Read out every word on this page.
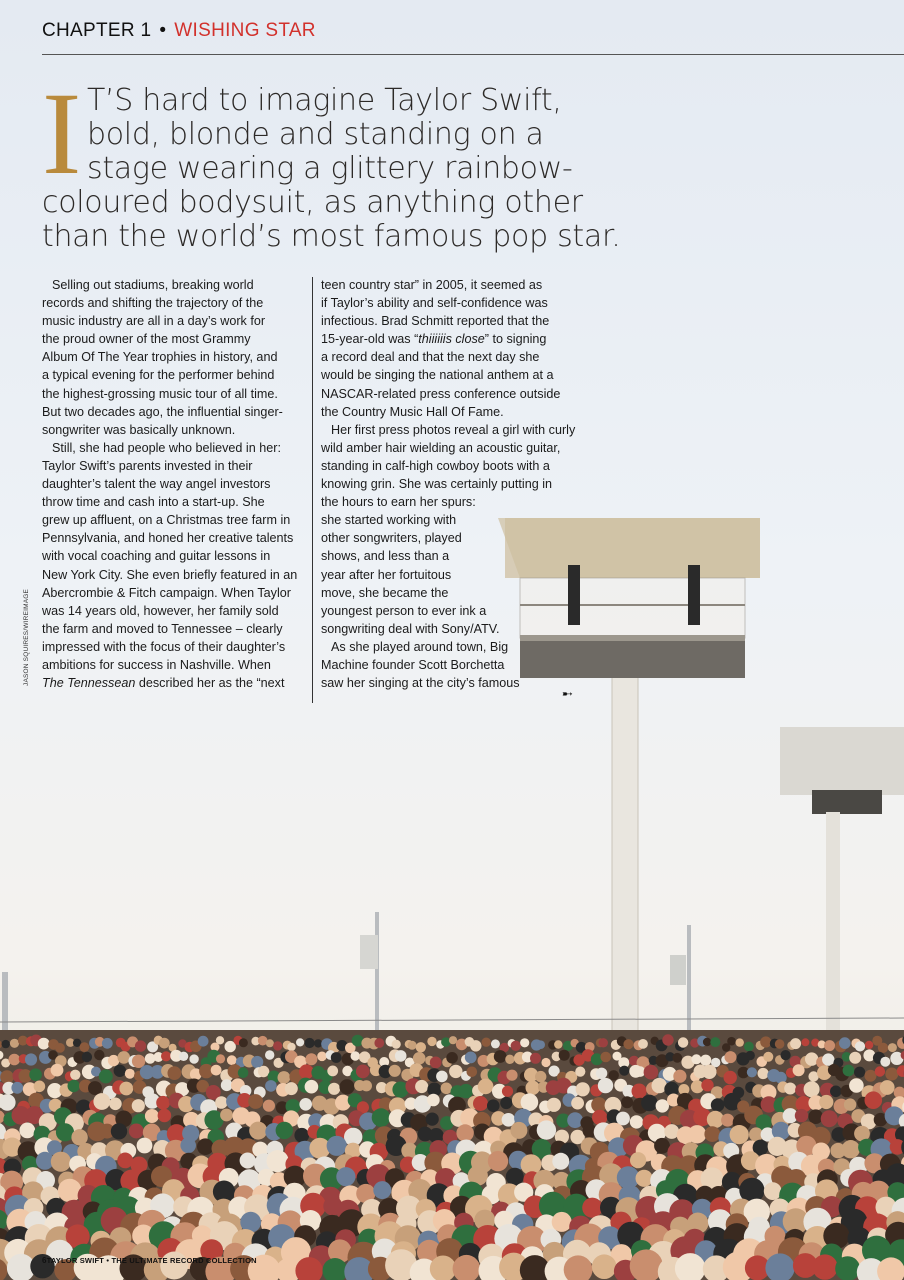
CHAPTER 1 • WISHING STAR
I T’S hard to imagine Taylor Swift,
bold, blonde and standing on a
stage wearing a glittery rainbow-
coloured bodysuit, as anything other
than the world’s most famous pop star.
Selling out stadiums, breaking world
records and shifting the trajectory of the
music industry are all in a day’s work for
the proud owner of the most Grammy
Album Of The Year trophies in history, and
a typical evening for the performer behind
the highest-grossing music tour of all time.
But two decades ago, the influential singer-
songwriter was basically unknown.
Still, she had people who believed in her:
Taylor Swift’s parents invested in their
daughter’s talent the way angel investors
throw time and cash into a start-up. She
grew up affluent, on a Christmas tree farm in
Pennsylvania, and honed her creative talents
with vocal coaching and guitar lessons in
New York City. She even briefly featured in an
Abercrombie & Fitch campaign. When Taylor
was 14 years old, however, her family sold
the farm and moved to Tennessee – clearly
impressed with the focus of their daughter’s
ambitions for success in Nashville. When
The Tennessean described her as the “next
teen country star” in 2005, it seemed as
if Taylor’s ability and self-confidence was
infectious. Brad Schmitt reported that the
15-year-old was “thiiiiiis close” to signing
a record deal and that the next day she
would be singing the national anthem at a
NASCAR-related press conference outside
the Country Music Hall Of Fame.
Her first press photos reveal a girl with curly
wild amber hair wielding an acoustic guitar,
standing in calf-high cowboy boots with a
knowing grin. She was certainly putting in
the hours to earn her spurs:
she started working with
other songwriters, played
shows, and less than a
year after her fortuitous
move, she became the
youngest person to ever ink a
songwriting deal with Sony/ATV.
As she played around town, Big
Machine founder Scott Borchetta
saw her singing at the city’s famous
JASON SQUIRES/WIREIMAGE
➸
6TAYLOR SWIFT • THE ULTIMATE RECORD COLLECTION
